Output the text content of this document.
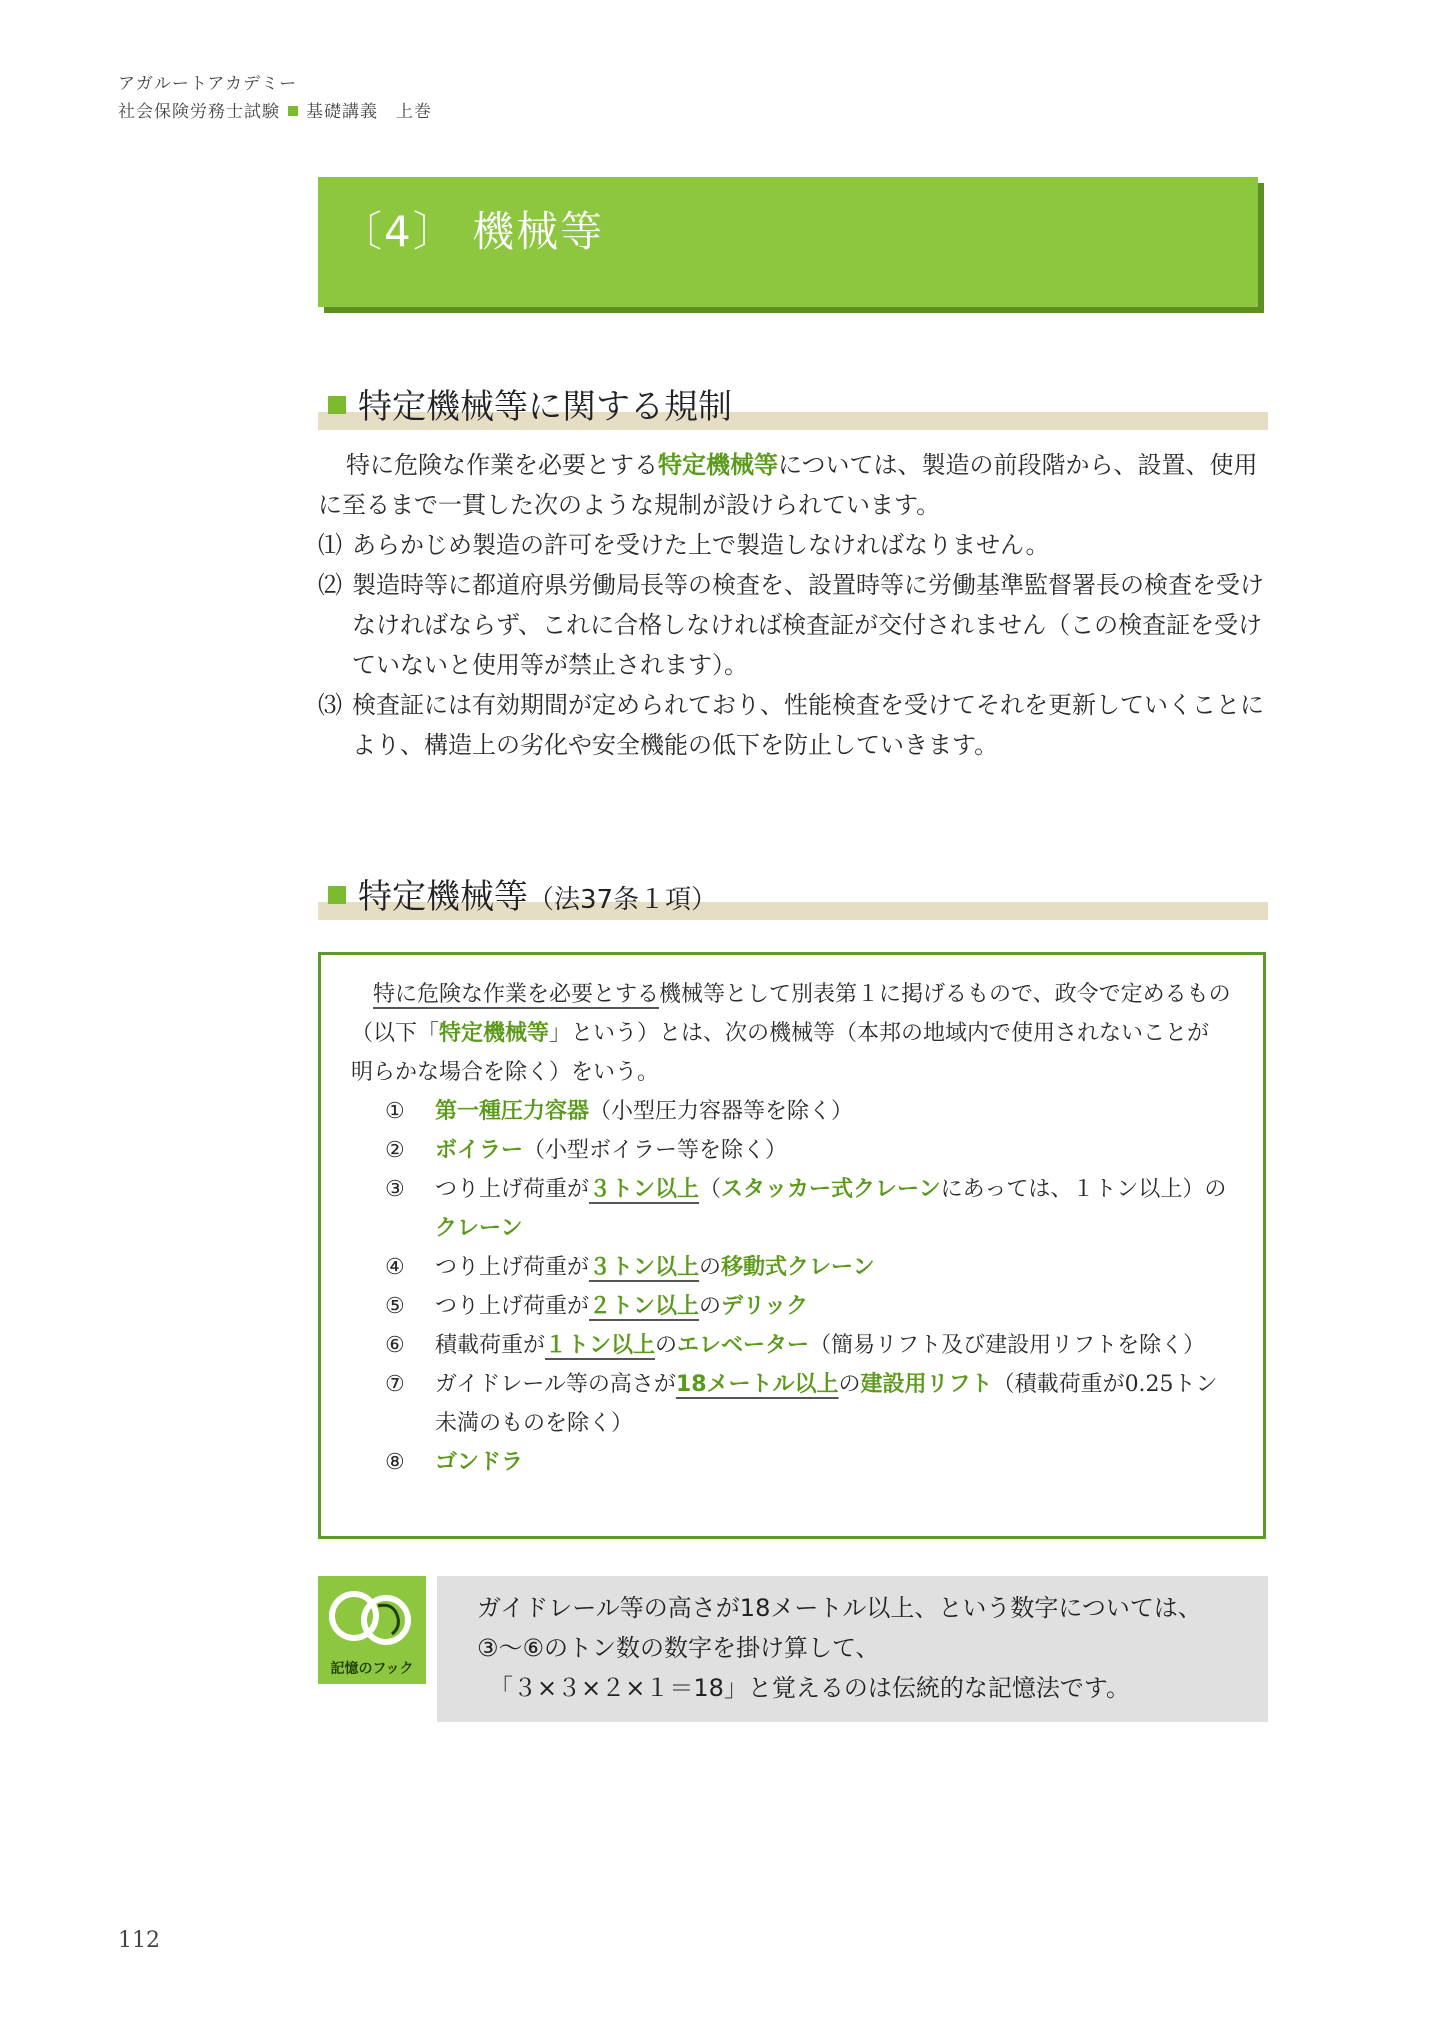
アガルートアカデミー
社会保険労務士試験 基礎講義　上巻
〔4〕 機械等
特定機械等に関する規制

特に危険な作業を必要とする特定機械等については、製造の前段階から、設置、使用に至るまで一貫した次のような規制が設けられています。

⑴ あらかじめ製造の許可を受けた上で製造しなければなりません。

⑵ 製造時等に都道府県労働局長等の検査を、設置時等に労働基準監督署長の検査を受けなければならず、これに合格しなければ検査証が交付されません（この検査証を受けていないと使用等が禁止されます）。

⑶ 検査証には有効期間が定められており、性能検査を受けてそれを更新していくことにより、構造上の劣化や安全機能の低下を防止していきます。

特定機械等（法37条１項）

特に危険な作業を必要とする機械等として別表第１に掲げるもので、政令で定めるもの（以下「特定機械等」という）とは、次の機械等（本邦の地域内で使用されないことが明らかな場合を除く）をいう。

① 第一種圧力容器（小型圧力容器等を除く）

② ボイラー（小型ボイラー等を除く）

③ つり上げ荷重が３トン以上（スタッカー式クレーンにあっては、１トン以上）のクレーン

④ つり上げ荷重が３トン以上の移動式クレーン

⑤ つり上げ荷重が２トン以上のデリック

⑥ 積載荷重が１トン以上のエレベーター（簡易リフト及び建設用リフトを除く）

⑦ ガイドレール等の高さが18メートル以上の建設用リフト（積載荷重が0.25トン未満のものを除く）

⑧ ゴンドラ

記憶のフック

ガイドレール等の高さが18メートル以上、という数字については、

③〜⑥のトン数の数字を掛け算して、

「３×３×２×１＝18」と覚えるのは伝統的な記憶法です。

112
